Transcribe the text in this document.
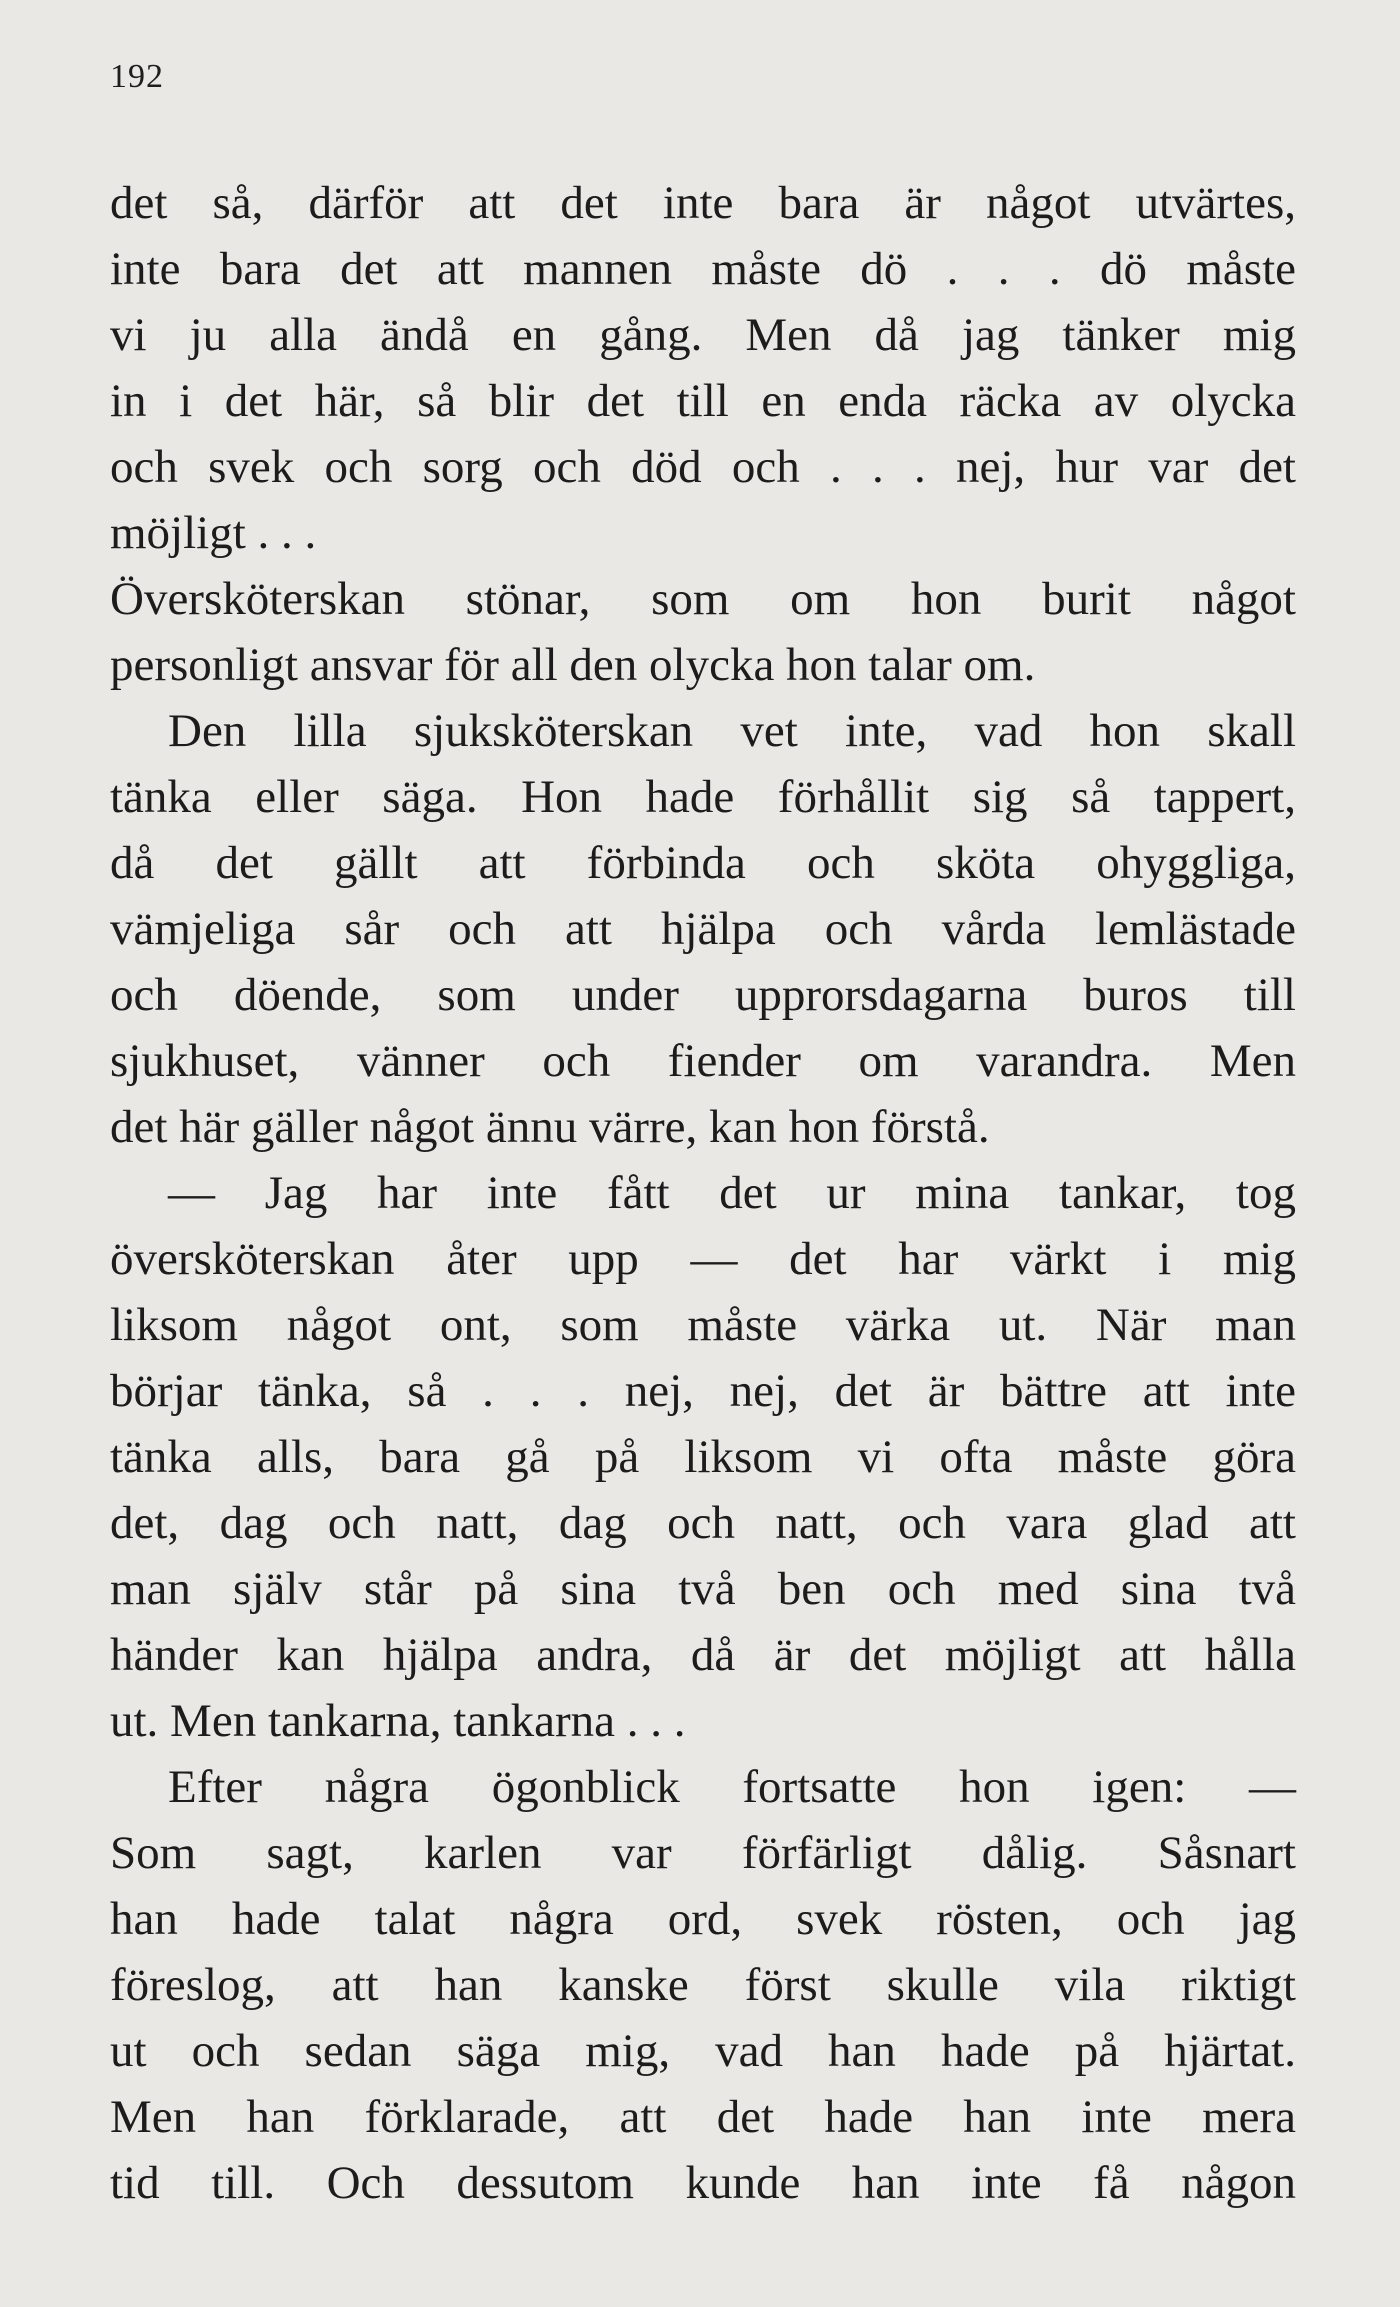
192
det så, därför att det inte bara är något utvärtes,
inte bara det att mannen måste dö . . . dö måste
vi ju alla ändå en gång. Men då jag tänker mig
in i det här, så blir det till en enda räcka av olycka
och svek och sorg och död och . . . nej, hur var det
möjligt . . .
Översköterskan stönar, som om hon burit något
personligt ansvar för all den olycka hon talar om.
Den lilla sjuksköterskan vet inte, vad hon skall
tänka eller säga. Hon hade förhållit sig så tappert,
då det gällt att förbinda och sköta ohyggliga,
vämjeliga sår och att hjälpa och vårda lemlästade
och döende, som under upprorsdagarna buros till
sjukhuset, vänner och fiender om varandra. Men
det här gäller något ännu värre, kan hon förstå.
— Jag har inte fått det ur mina tankar, tog
översköterskan åter upp — det har värkt i mig
liksom något ont, som måste värka ut. När man
börjar tänka, så . . . nej, nej, det är bättre att inte
tänka alls, bara gå på liksom vi ofta måste göra
det, dag och natt, dag och natt, och vara glad att
man själv står på sina två ben och med sina två
händer kan hjälpa andra, då är det möjligt att hålla
ut. Men tankarna, tankarna . . .
Efter några ögonblick fortsatte hon igen: —
Som sagt, karlen var förfärligt dålig. Såsnart
han hade talat några ord, svek rösten, och jag
föreslog, att han kanske först skulle vila riktigt
ut och sedan säga mig, vad han hade på hjärtat.
Men han förklarade, att det hade han inte mera
tid till. Och dessutom kunde han inte få någon
